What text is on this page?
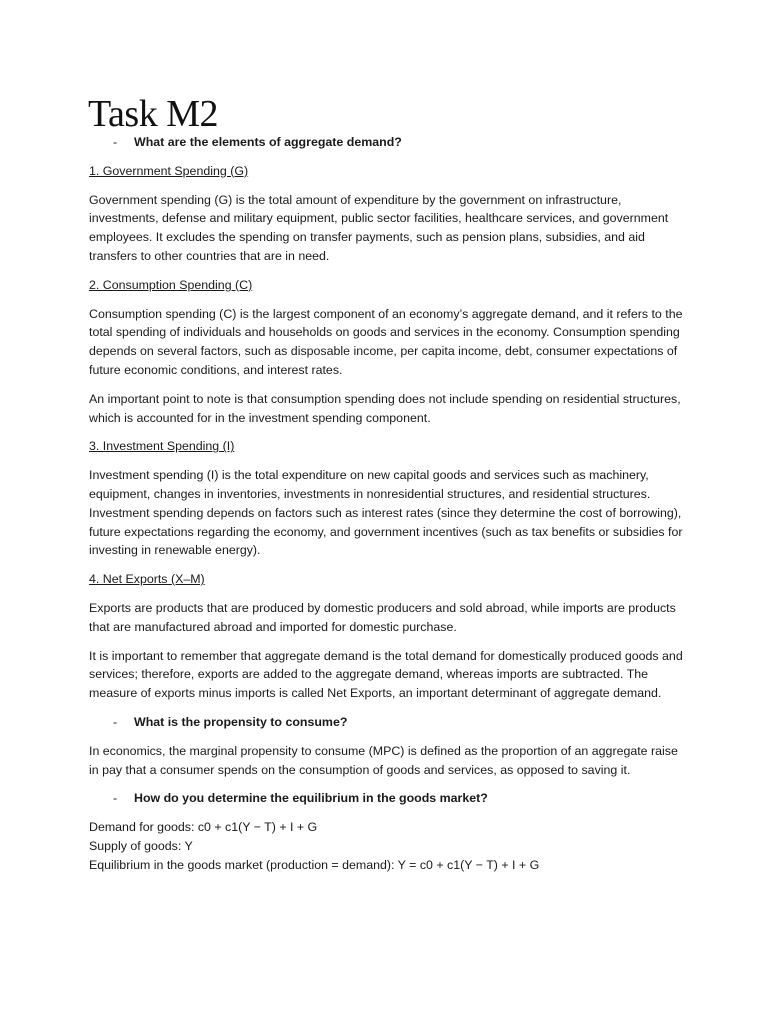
Task M2
-	What are the elements of aggregate demand?
1. Government Spending (G)

Government spending (G) is the total amount of expenditure by the government on infrastructure, investments, defense and military equipment, public sector facilities, healthcare services, and government employees. It excludes the spending on transfer payments, such as pension plans, subsidies, and aid transfers to other countries that are in need.

2. Consumption Spending (C)

Consumption spending (C) is the largest component of an economy’s aggregate demand, and it refers to the total spending of individuals and households on goods and services in the economy. Consumption spending depends on several factors, such as disposable income, per capita income, debt, consumer expectations of future economic conditions, and interest rates.

An important point to note is that consumption spending does not include spending on residential structures, which is accounted for in the investment spending component.

3. Investment Spending (I)

Investment spending (I) is the total expenditure on new capital goods and services such as machinery, equipment, changes in inventories, investments in nonresidential structures, and residential structures. Investment spending depends on factors such as interest rates (since they determine the cost of borrowing), future expectations regarding the economy, and government incentives (such as tax benefits or subsidies for investing in renewable energy).

4. Net Exports (X–M)

Exports are products that are produced by domestic producers and sold abroad, while imports are products that are manufactured abroad and imported for domestic purchase.

It is important to remember that aggregate demand is the total demand for domestically produced goods and services; therefore, exports are added to the aggregate demand, whereas imports are subtracted. The measure of exports minus imports is called Net Exports, an important determinant of aggregate demand.

-	What is the propensity to consume?

In economics, the marginal propensity to consume (MPC) is defined as the proportion of an aggregate raise in pay that a consumer spends on the consumption of goods and services, as opposed to saving it.

-	How do you determine the equilibrium in the goods market?
Demand for goods: c0 + c1(Y − T) + I + G
Supply of goods: Y
Equilibrium in the goods market (production = demand): Y = c0 + c1(Y − T) + I + G
